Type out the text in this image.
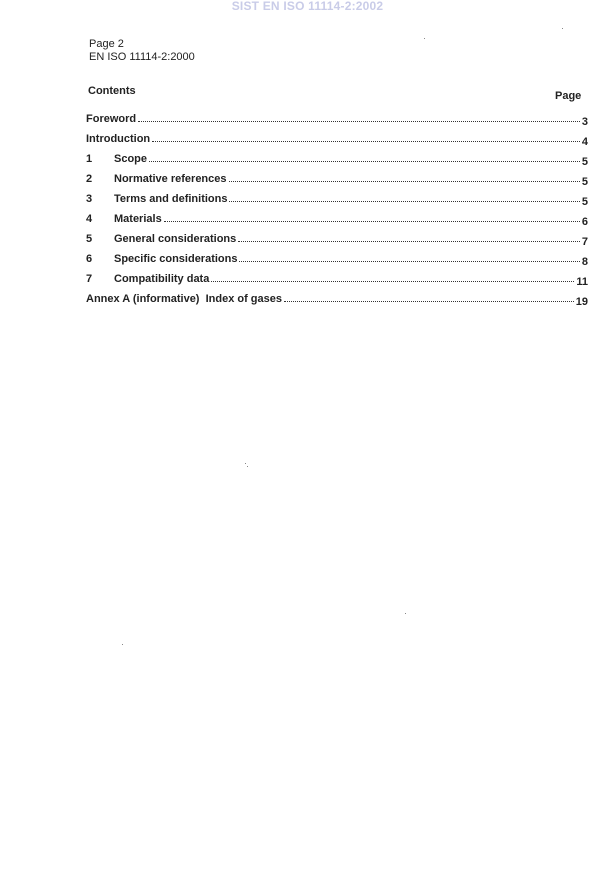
SIST EN ISO 11114-2:2002
Page 2
EN ISO 11114-2:2000
Contents	Page
Foreword	3
Introduction	4
1	Scope	5
2	Normative references	5
3	Terms and definitions	5
4	Materials	6
5	General considerations	7
6	Specific considerations	8
7	Compatibility data	11
Annex A (informative)  Index of gases	19
